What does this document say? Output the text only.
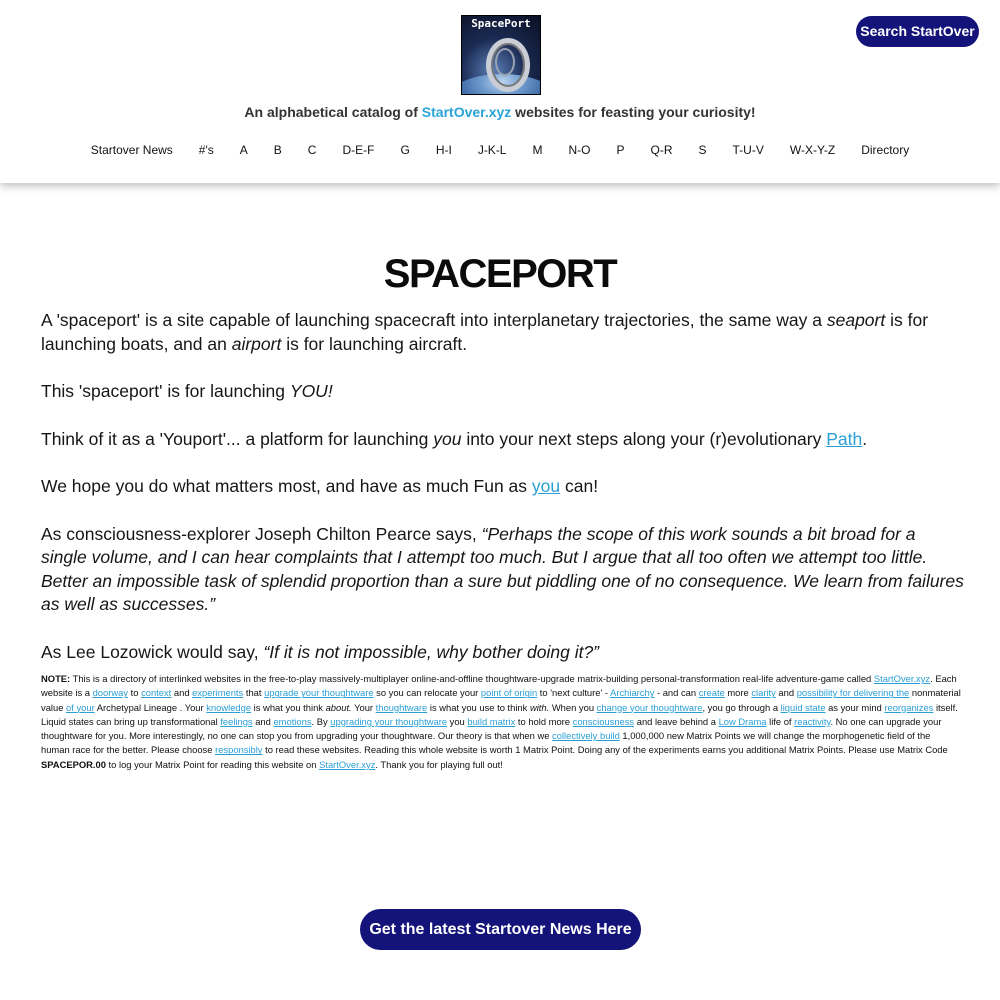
SpacePort	Search StartOver
An alphabetical catalog of StartOver.xyz websites for feasting your curiosity!
Startover News #'s A B C D-E-F G H-I J-K-L M N-O P Q-R S T-U-V W-X-Y-Z Directory
SPACEPORT

A 'spaceport' is a site capable of launching spacecraft into interplanetary trajectories, the same way a seaport is for launching boats, and an airport is for launching aircraft.

This 'spaceport' is for launching YOU!

Think of it as a 'Youport'... a platform for launching you into your next steps along your (r)evolutionary Path.

We hope you do what matters most, and have as much Fun as you can!

As consciousness-explorer Joseph Chilton Pearce says, “Perhaps the scope of this work sounds a bit broad for a single volume, and I can hear complaints that I attempt too much. But I argue that all too often we attempt too little. Better an impossible task of splendid proportion than a sure but piddling one of no consequence. We learn from failures as well as successes.”

As Lee Lozowick would say, “If it is not impossible, why bother doing it?”

NOTE: This is a directory of interlinked websites in the free-to-play massively-multiplayer online-and-offline thoughtware-upgrade matrix-building personal-transformation real-life adventure-game called StartOver.xyz. Each website is a doorway to context and experiments that upgrade your thoughtware so you can relocate your point of origin to 'next culture' - Archiarchy - and can create more clarity and possibility for delivering the nonmaterial value of your Archetypal Lineage . Your knowledge is what you think about. Your thoughtware is what you use to think with. When you change your thoughtware, you go through a liquid state as your mind reorganizes itself. Liquid states can bring up transformational feelings and emotions. By upgrading your thoughtware you build matrix to hold more consciousness and leave behind a Low Drama life of reactivity. No one can upgrade your thoughtware for you. More interestingly, no one can stop you from upgrading your thoughtware. Our theory is that when we collectively build 1,000,000 new Matrix Points we will change the morphogenetic field of the human race for the better. Please choose responsibly to read these websites. Reading this whole website is worth 1 Matrix Point. Doing any of the experiments earns you additional Matrix Points. Please use Matrix Code SPACEPOR.00 to log your Matrix Point for reading this website on StartOver.xyz. Thank you for playing full out!
Get the latest Startover News Here
